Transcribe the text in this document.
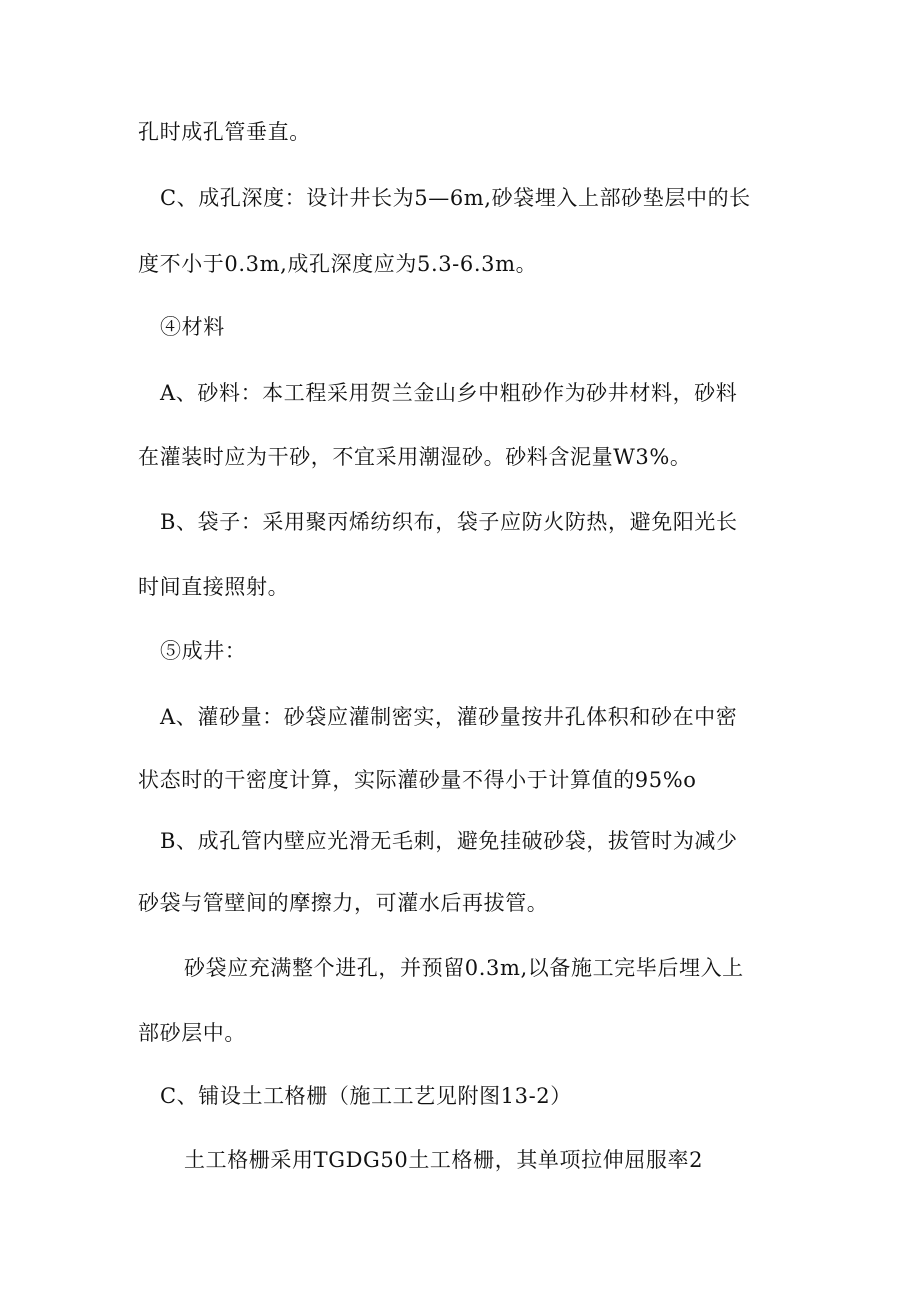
孔时成孔管垂直。
C、成孔深度：设计井长为5—6m,砂袋埋入上部砂垫层中的长
度不小于0.3m,成孔深度应为5.3-6.3m。
④材料
A、砂料：本工程采用贺兰金山乡中粗砂作为砂井材料，砂料
在灌装时应为干砂，不宜采用潮湿砂。砂料含泥量W3%。
B、袋子：采用聚丙烯纺织布，袋子应防火防热，避免阳光长
时间直接照射。
⑤成井：
A、灌砂量：砂袋应灌制密实，灌砂量按井孔体积和砂在中密
状态时的干密度计算，实际灌砂量不得小于计算值的95%o
B、成孔管内壁应光滑无毛刺，避免挂破砂袋，拔管时为减少
砂袋与管壁间的摩擦力，可灌水后再拔管。
砂袋应充满整个进孔，并预留0.3m,以备施工完毕后埋入上
部砂层中。
C、铺设土工格栅（施工工艺见附图13-2）
土工格栅采用TGDG50土工格栅，其单项拉伸屈服率2
